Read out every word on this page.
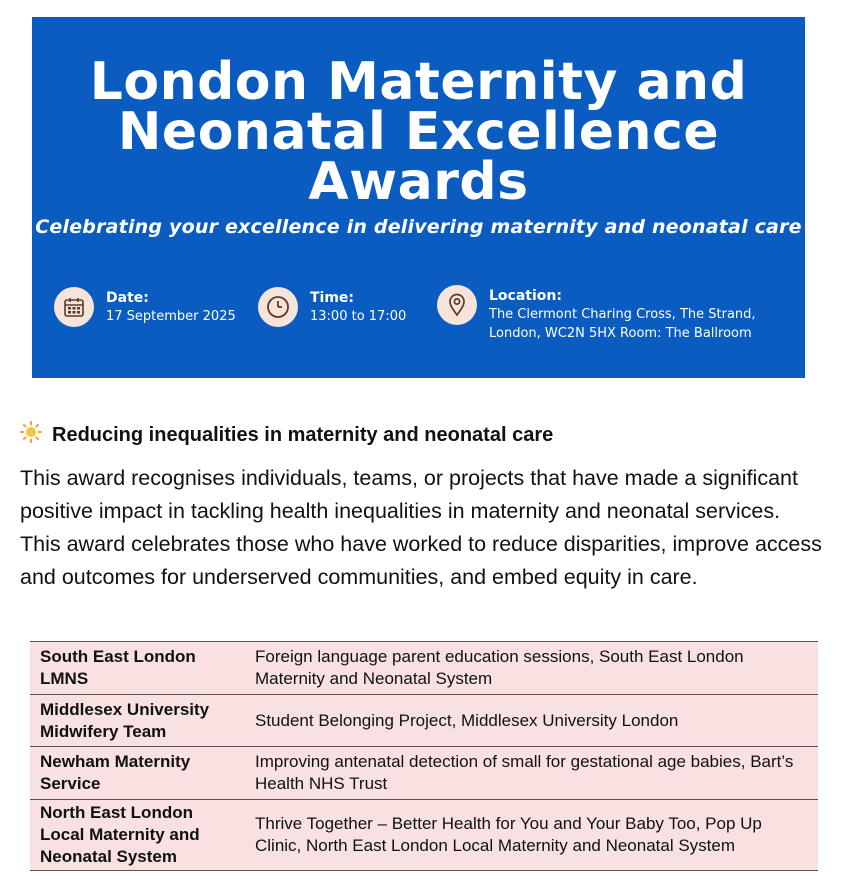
London Maternity and Neonatal Excellence Awards
Celebrating your excellence in delivering maternity and neonatal care
Date:
17 September 2025
Time:
13:00 to 17:00
Location:
The Clermont Charing Cross, The Strand, London, WC2N 5HX Room: The Ballroom
Reducing inequalities in maternity and neonatal care
This award recognises individuals, teams, or projects that have made a significant positive impact in tackling health inequalities in maternity and neonatal services. This award celebrates those who have worked to reduce disparities, improve access and outcomes for underserved communities, and embed equity in care.
South East London LMNS	Foreign language parent education sessions, South East London Maternity and Neonatal System
Middlesex University Midwifery Team	Student Belonging Project, Middlesex University London
Newham Maternity Service	Improving antenatal detection of small for gestational age babies, Bart’s Health NHS Trust
North East London Local Maternity and Neonatal System	Thrive Together – Better Health for You and Your Baby Too, Pop Up Clinic, North East London Local Maternity and Neonatal System
